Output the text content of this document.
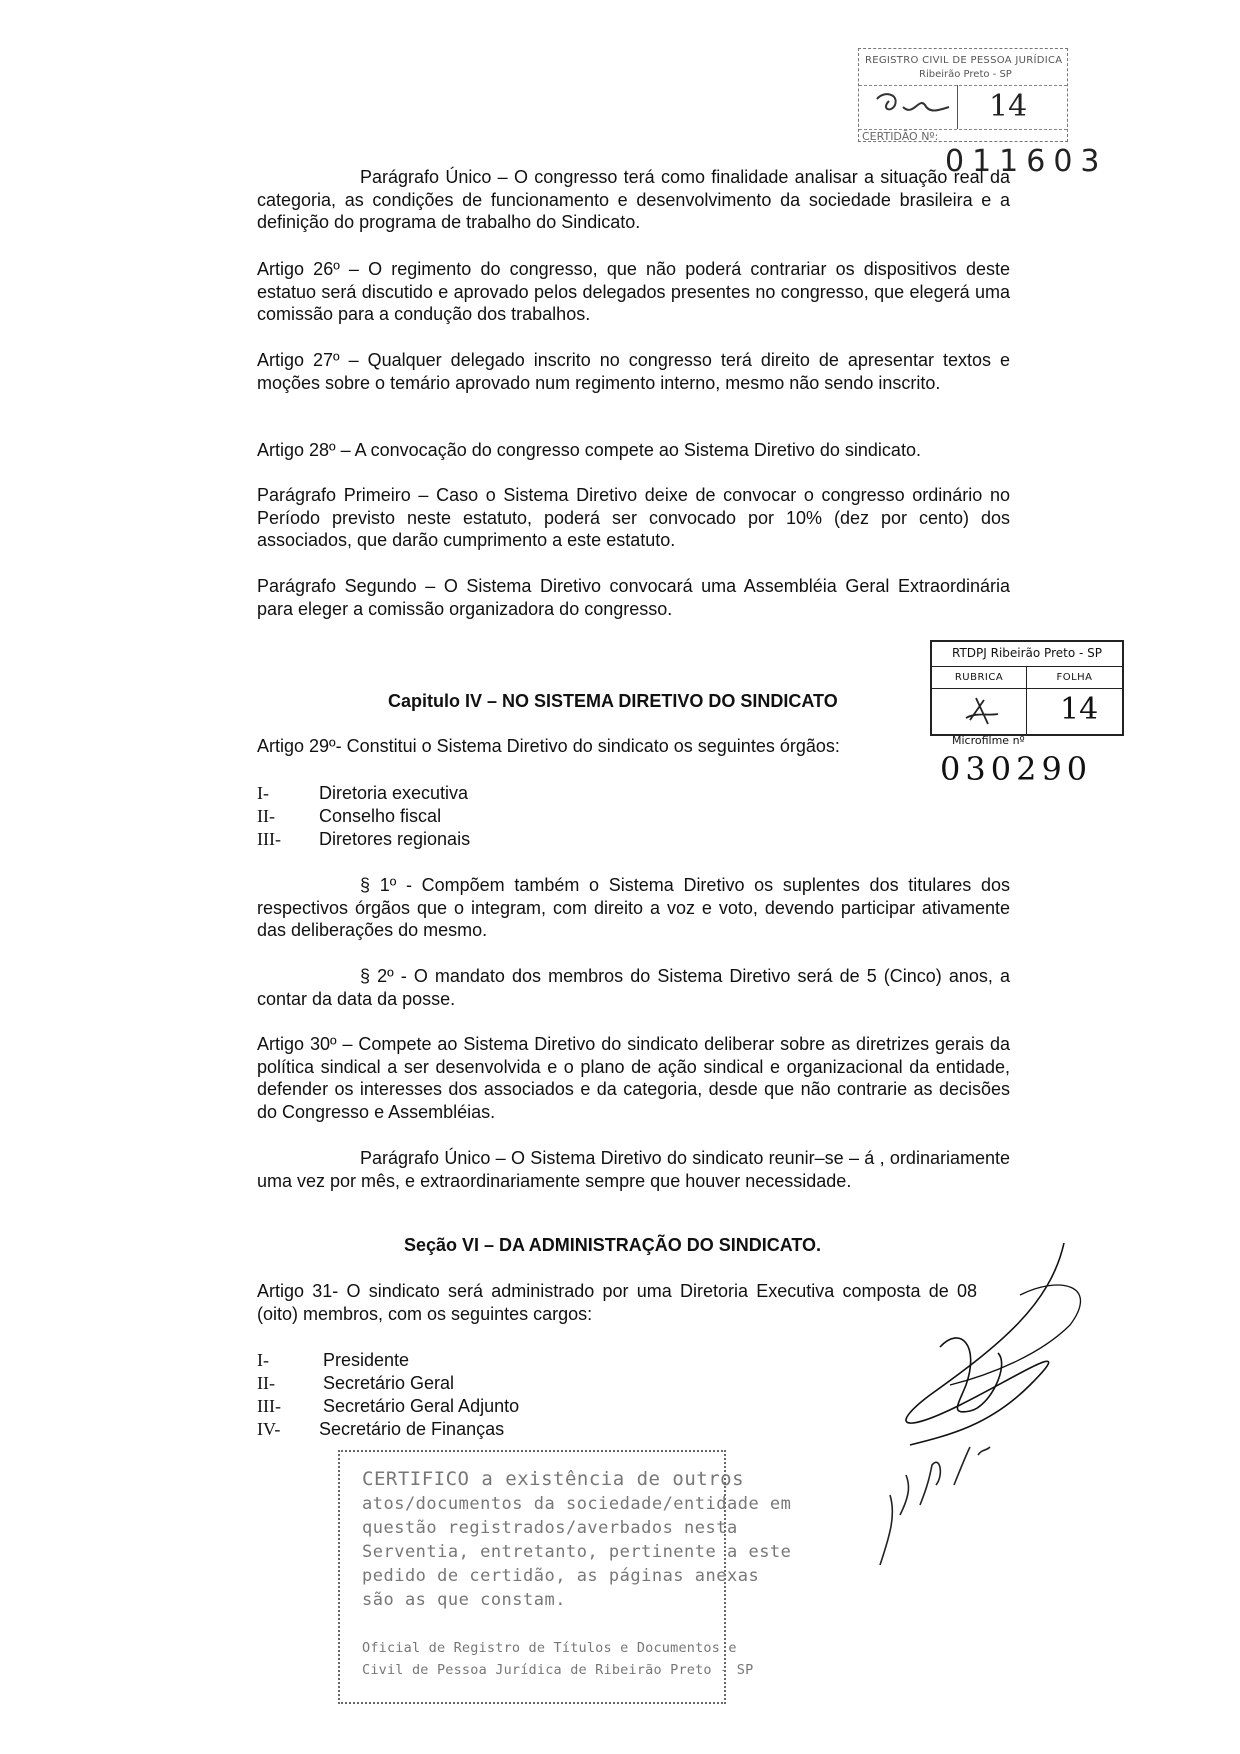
REGISTRO CIVIL DE PESSOA JURÍDICA
Ribeirão Preto - SP
14
CERTIDÃO Nº:
011603
Parágrafo Único – O congresso terá como finalidade analisar a situação real da categoria, as condições de funcionamento e desenvolvimento da sociedade brasileira e a definição do programa de trabalho do Sindicato.
Artigo 26º – O regimento do congresso, que não poderá contrariar os dispositivos deste estatuo será discutido e aprovado pelos delegados presentes no congresso, que elegerá uma comissão para a condução dos trabalhos.
Artigo 27º – Qualquer delegado inscrito no congresso terá direito de apresentar textos e moções sobre o temário aprovado num regimento interno, mesmo não sendo inscrito.
Artigo 28º – A convocação do congresso compete ao Sistema Diretivo do sindicato.
Parágrafo Primeiro – Caso o Sistema Diretivo deixe de convocar o congresso ordinário no Período previsto neste estatuto, poderá ser convocado por 10% (dez por cento) dos associados, que darão cumprimento a este estatuto.
Parágrafo Segundo – O Sistema Diretivo convocará uma Assembléia Geral Extraordinária para eleger a comissão organizadora do congresso.
Capitulo IV – NO SISTEMA DIRETIVO DO SINDICATO
Artigo 29º- Constitui o Sistema Diretivo do sindicato os seguintes órgãos:
I-	Diretoria executiva
II-	Conselho fiscal
III-	Diretores regionais
§ 1º - Compõem também o Sistema Diretivo os suplentes dos titulares dos respectivos órgãos que o integram, com direito a voz e voto, devendo participar ativamente das deliberações do mesmo.
§ 2º - O mandato dos membros do Sistema Diretivo será de 5 (Cinco) anos, a contar da data da posse.
Artigo 30º – Compete ao Sistema Diretivo do sindicato deliberar sobre as diretrizes gerais da política sindical a ser desenvolvida e o plano de ação sindical e organizacional da entidade, defender os interesses dos associados e da categoria, desde que não contrarie as decisões do Congresso e Assembléias.
Parágrafo Único – O Sistema Diretivo do sindicato reunir–se – á , ordinariamente uma vez por mês, e extraordinariamente sempre que houver necessidade.
Seção VI – DA ADMINISTRAÇÃO DO SINDICATO.
Artigo 31- O sindicato será administrado por uma Diretoria Executiva composta de 08 (oito) membros, com os seguintes cargos:
I-	Presidente
II-	Secretário Geral
III-	Secretário Geral Adjunto
IV-	Secretário de Finanças
RTDPJ Ribeirão Preto - SP
RUBRICA	FOLHA
14
Microfilme nº
030290
CERTIFICO a existência de outros
atos/documentos da sociedade/entidade em
questão registrados/averbados nesta
Serventia, entretanto, pertinente a este
pedido de certidão, as páginas anexas
são as que constam.
Oficial de Registro de Títulos e Documentos e
Civil de Pessoa Jurídica de Ribeirão Preto - SP
